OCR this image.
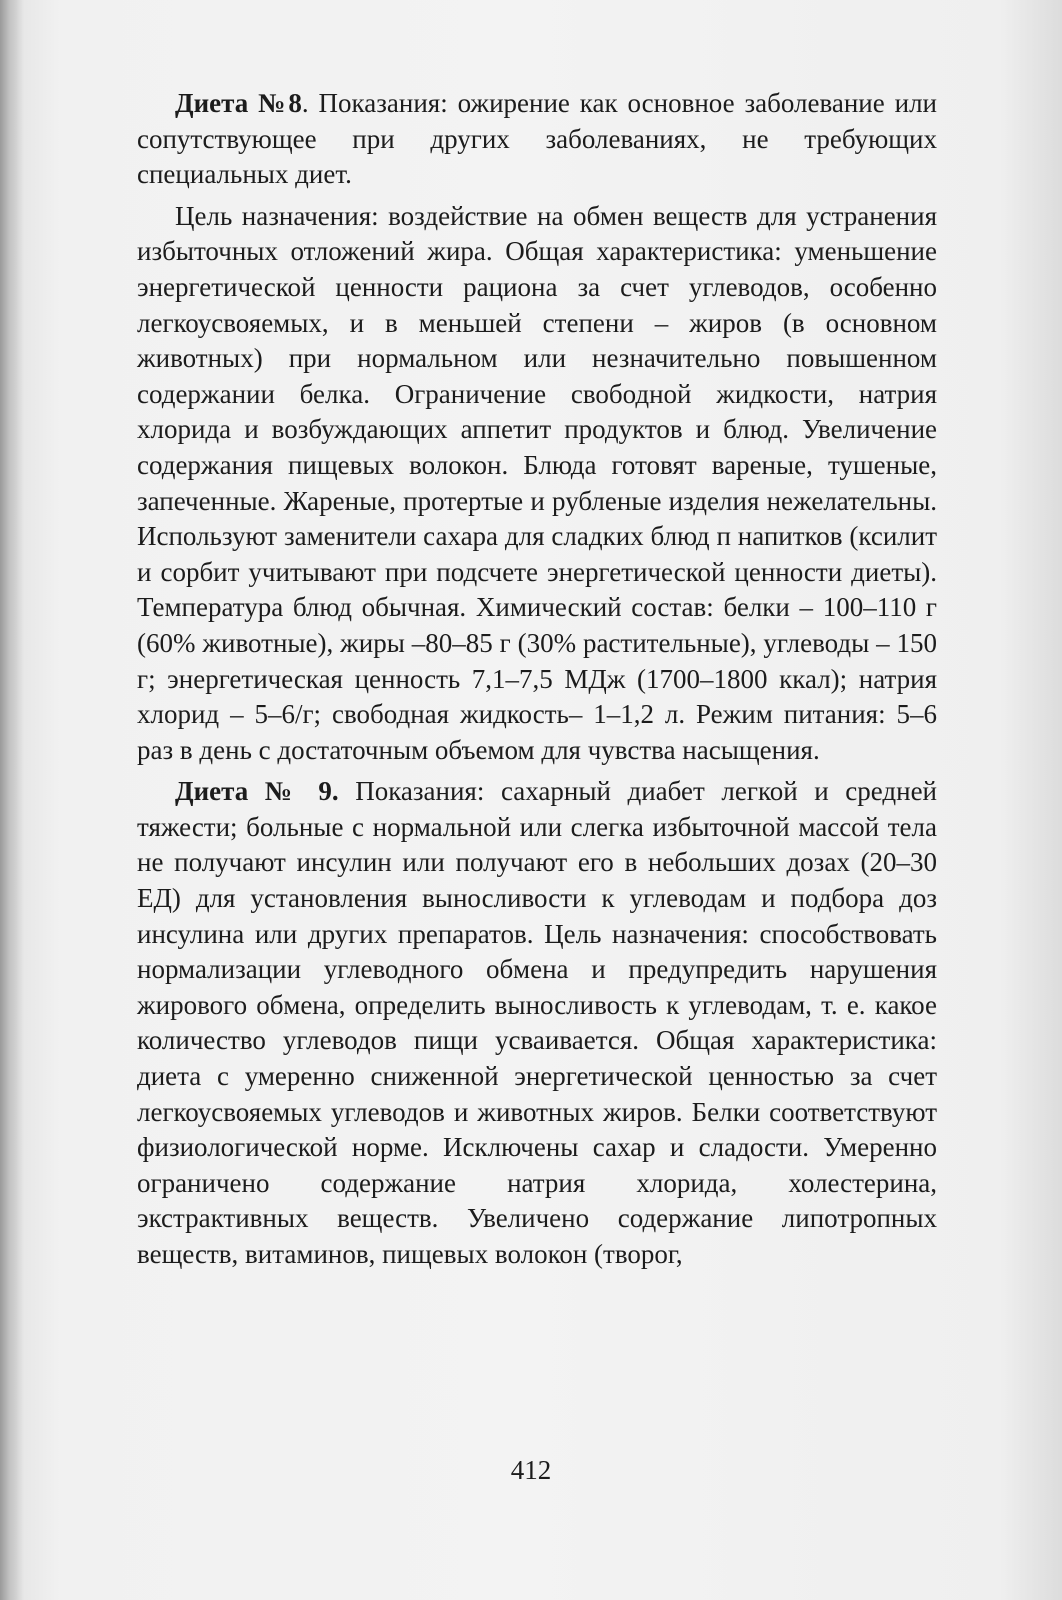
Диета №8. Показания: ожирение как основное заболевание или сопутствующее при других заболеваниях, не требующих специальных диет.

Цель назначения: воздействие на обмен веществ для устранения избыточных отложений жира. Общая характеристика: уменьшение энергетической ценности рациона за счет углеводов, особенно легкоусвояемых, и в меньшей степени – жиров (в основном животных) при нормальном или незначительно повышенном содержании белка. Ограничение свободной жидкости, натрия хлорида и возбуждающих аппетит продуктов и блюд. Увеличение содержания пищевых волокон. Блюда готовят вареные, тушеные, запеченные. Жареные, протертые и рубленые изделия нежелательны. Используют заменители сахара для сладких блюд п напитков (ксилит и сорбит учитывают при подсчете энергетической ценности диеты). Температура блюд обычная. Химический состав: белки – 100–110 г (60% животные), жиры –80–85 г (30% растительные), углеводы – 150 г; энергетическая ценность 7,1–7,5 МДж (1700–1800 ккал); натрия хлорид – 5–6/г; свободная жидкость– 1–1,2 л. Режим питания: 5–6 раз в день с достаточным объемом для чувства насыщения.

Диета № 9. Показания: сахарный диабет легкой и средней тяжести; больные с нормальной или слегка избыточной массой тела не получают инсулин или получают его в небольших дозах (20–30 ЕД) для установления выносливости к углеводам и подбора доз инсулина или других препаратов. Цель назначения: способствовать нормализации углеводного обмена и предупредить нарушения жирового обмена, определить выносливость к углеводам, т. е. какое количество углеводов пищи усваивается. Общая характеристика: диета с умеренно сниженной энергетической ценностью за счет легкоусвояемых углеводов и животных жиров. Белки соответствуют физиологической норме. Исключены сахар и сладости. Умеренно ограничено содержание натрия хлорида, холестерина, экстрактивных веществ. Увеличено содержание липотропных веществ, витаминов, пищевых волокон (творог,

412
